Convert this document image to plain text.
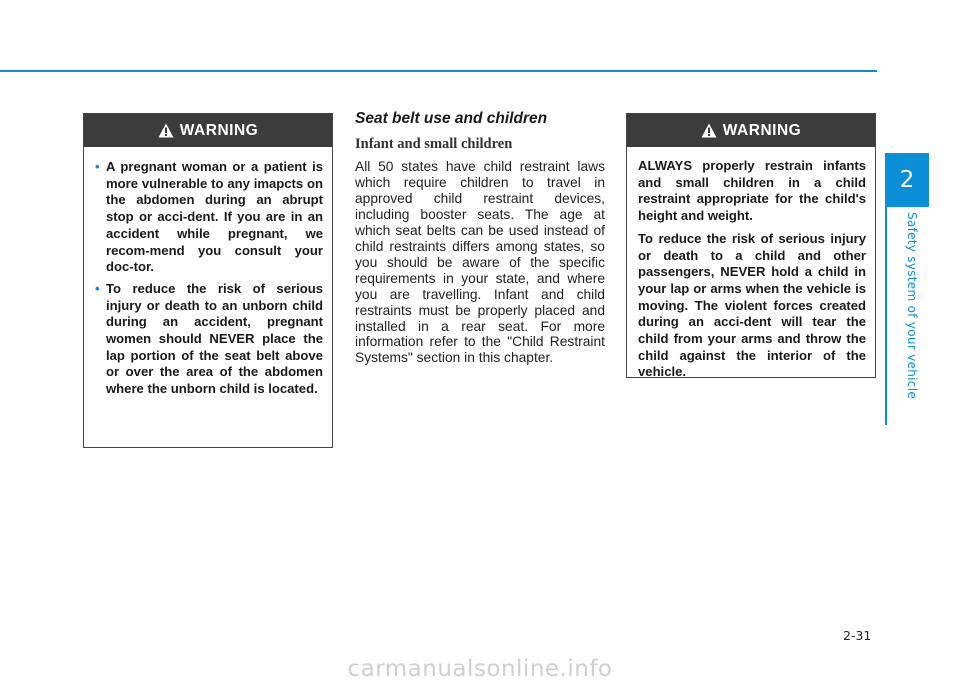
2
Safety system of your vehicle
WARNING
• A pregnant woman or a patient is more vulnerable to any imapcts on the abdomen during an abrupt stop or acci-dent. If you are in an accident while pregnant, we recom-mend you consult your doc-tor.
• To reduce the risk of serious injury or death to an unborn child during an accident, pregnant women should NEVER place the lap portion of the seat belt above or over the area of the abdomen where the unborn child is located.
Seat belt use and children
Infant and small children

All 50 states have child restraint laws which require children to travel in approved child restraint devices, including booster seats. The age at which seat belts can be used instead of child restraints differs among states, so you should be aware of the specific requirements in your state, and where you are travelling. Infant and child restraints must be properly placed and installed in a rear seat. For more information refer to the "Child Restraint Systems" section in this chapter.

WARNING

ALWAYS properly restrain infants and small children in a child restraint appropriate for the child's height and weight.

To reduce the risk of serious injury or death to a child and other passengers, NEVER hold a child in your lap or arms when the vehicle is moving. The violent forces created during an acci-dent will tear the child from your arms and throw the child against the interior of the vehicle.

2-31
carmanualsonline.info
